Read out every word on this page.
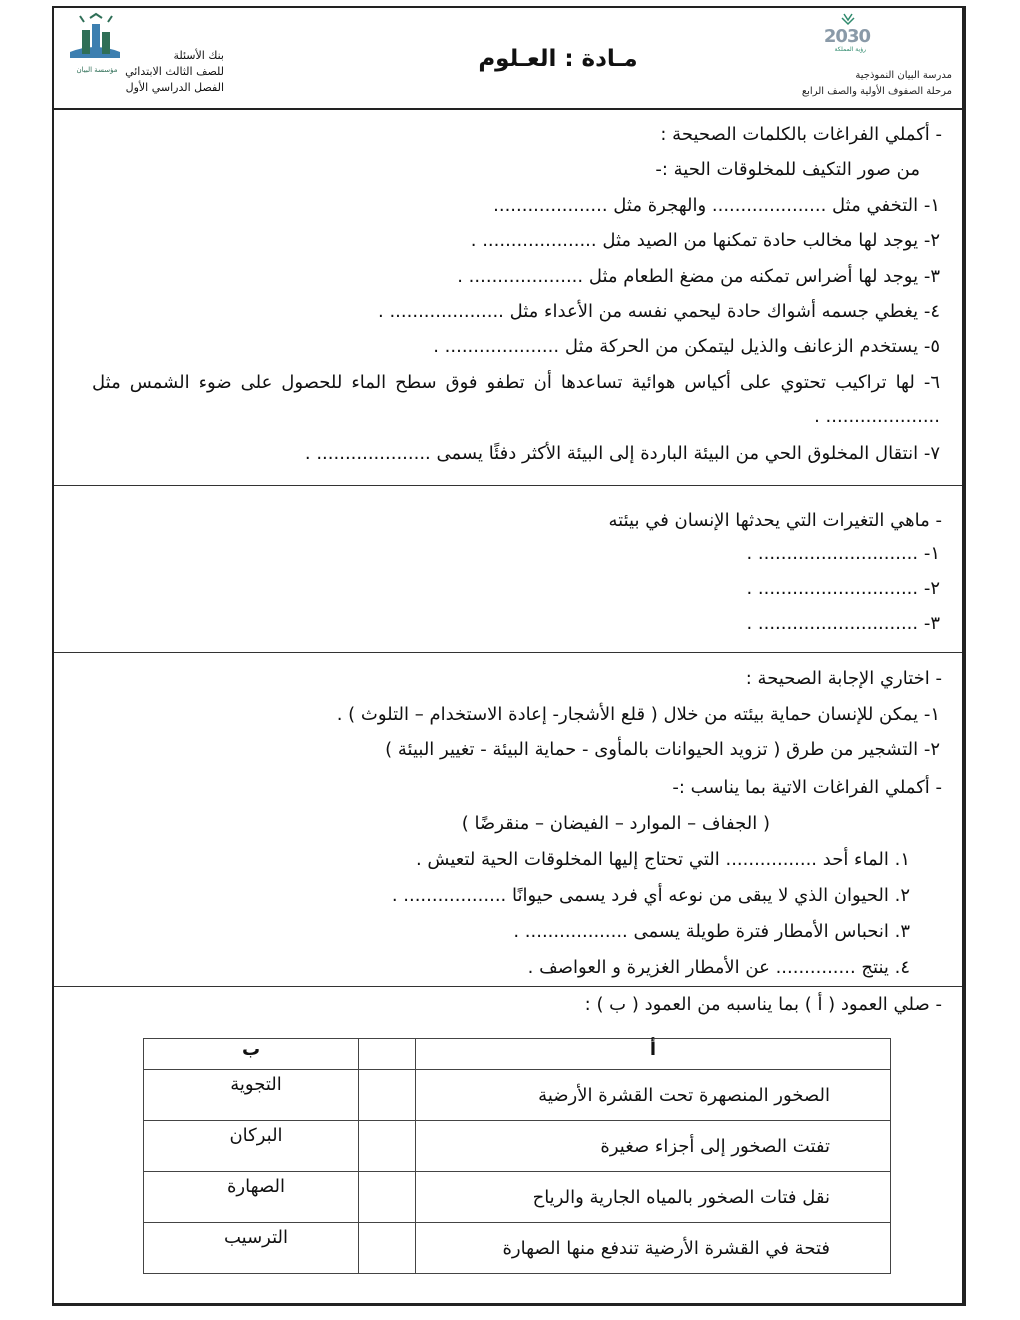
مؤسسة البيان
بنك الأسئلة
للصف الثالث الابتدائي
الفصل الدراسي الأول
مـادة : العـلوم
2030
رؤية المملكة
مدرسة البيان النموذجية
مرحلة الصفوف الأولية والصف الرابع
- أكملي الفراغات بالكلمات الصحيحة :
من صور التكيف للمخلوقات الحية :-
١- التخفي مثل .................... والهجرة مثل ....................
٢- يوجد لها مخالب حادة تمكنها من الصيد مثل .................... .
٣- يوجد لها أضراس تمكنه من مضغ الطعام مثل .................... .
٤- يغطي جسمه أشواك حادة ليحمي نفسه من الأعداء مثل .................... .
٥- يستخدم الزعانف والذيل ليتمكن من الحركة مثل .................... .
٦- لها تراكيب تحتوي على أكياس هوائية تساعدها أن تطفو فوق سطح الماء للحصول على ضوء الشمس مثل .................... .
٧- انتقال المخلوق الحي من البيئة الباردة إلى البيئة الأكثر دفئًا يسمى .................... .
- ماهي التغيرات التي يحدثها الإنسان في بيئته
١- ............................ .
٢- ............................ .
٣- ............................ .
- اختاري الإجابة الصحيحة :
١- يمكن للإنسان حماية بيئته من خلال ( قلع الأشجار- إعادة الاستخدام – التلوث ) .
٢- التشجير من طرق ( تزويد الحيوانات بالمأوى - حماية البيئة - تغيير البيئة )
- أكملي الفراغات الاتية بما يناسب :-
( الجفاف – الموارد – الفيضان – منقرضًا )
١. الماء أحد ................ التي تحتاج إليها المخلوقات الحية لتعيش .
٢. الحيوان الذي لا يبقى من نوعه أي فرد يسمى حيوانًا .................. .
٣. انحباس الأمطار فترة طويلة يسمى .................. .
٤. ينتج .............. عن الأمطار الغزيرة و العواصف .
- صلي العمود ( أ ) بما يناسبه من العمود ( ب ) :
ب		أ
التجوية		الصخور المنصهرة تحت القشرة الأرضية
البركان		تفتت الصخور إلى أجزاء صغيرة
الصهارة		نقل فتات الصخور بالمياه الجارية والرياح
الترسيب		فتحة في القشرة الأرضية تندفع منها الصهارة
